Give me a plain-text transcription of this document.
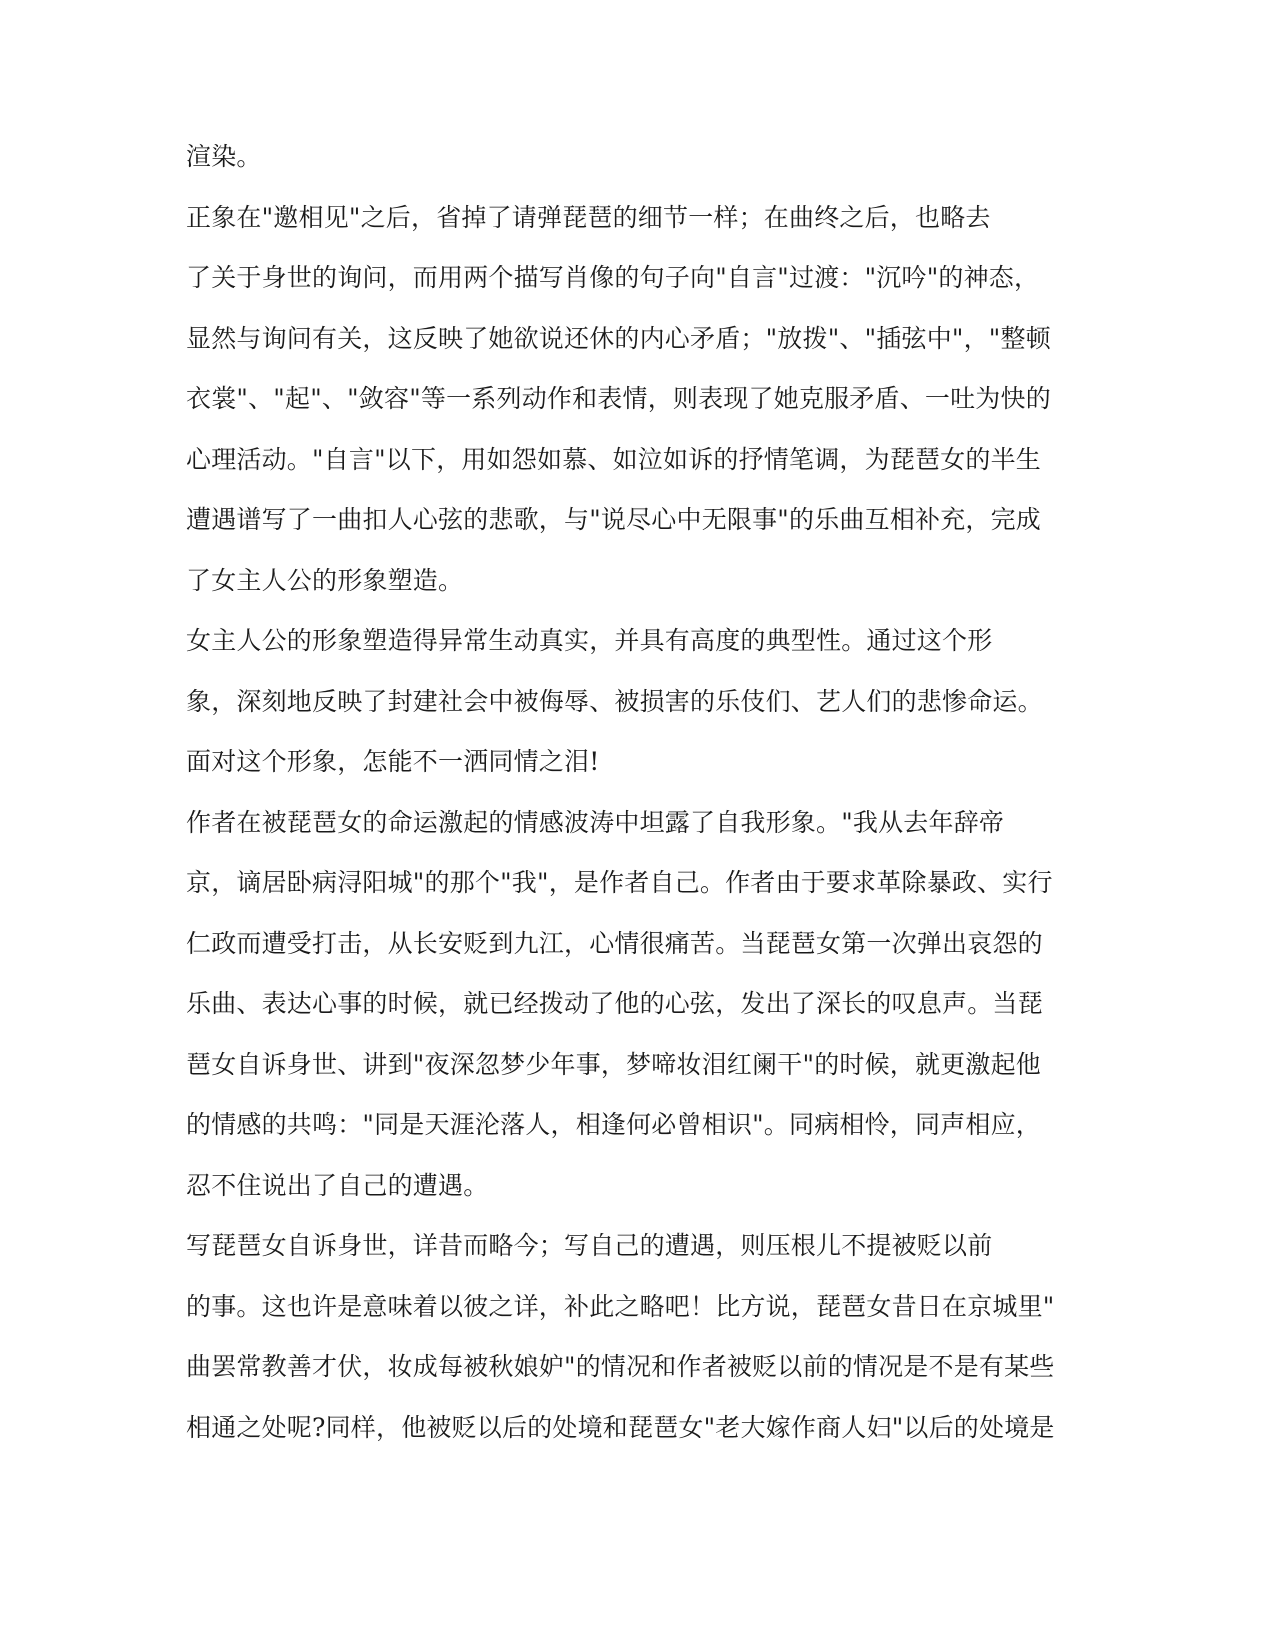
渲染。
正象在"邀相见"之后，省掉了请弹琵琶的细节一样；在曲终之后，也略去
了关于身世的询问，而用两个描写肖像的句子向"自言"过渡："沉吟"的神态，
显然与询问有关，这反映了她欲说还休的内心矛盾；"放拨"、"插弦中"，"整顿
衣裳"、"起"、"敛容"等一系列动作和表情，则表现了她克服矛盾、一吐为快的
心理活动。"自言"以下，用如怨如慕、如泣如诉的抒情笔调，为琵琶女的半生
遭遇谱写了一曲扣人心弦的悲歌，与"说尽心中无限事"的乐曲互相补充，完成
了女主人公的形象塑造。
女主人公的形象塑造得异常生动真实，并具有高度的典型性。通过这个形
象，深刻地反映了封建社会中被侮辱、被损害的乐伎们、艺人们的悲惨命运。
面对这个形象，怎能不一洒同情之泪!
作者在被琵琶女的命运激起的情感波涛中坦露了自我形象。"我从去年辞帝
京，谪居卧病浔阳城"的那个"我"，是作者自己。作者由于要求革除暴政、实行
仁政而遭受打击，从长安贬到九江，心情很痛苦。当琵琶女第一次弹出哀怨的
乐曲、表达心事的时候，就已经拨动了他的心弦，发出了深长的叹息声。当琵
琶女自诉身世、讲到"夜深忽梦少年事，梦啼妆泪红阑干"的时候，就更激起他
的情感的共鸣："同是天涯沦落人，相逢何必曾相识"。同病相怜，同声相应，
忍不住说出了自己的遭遇。
写琵琶女自诉身世，详昔而略今；写自己的遭遇，则压根儿不提被贬以前
的事。这也许是意味着以彼之详，补此之略吧！比方说，琵琶女昔日在京城里"
曲罢常教善才伏，妆成每被秋娘妒"的情况和作者被贬以前的情况是不是有某些
相通之处呢?同样，他被贬以后的处境和琵琶女"老大嫁作商人妇"以后的处境是
